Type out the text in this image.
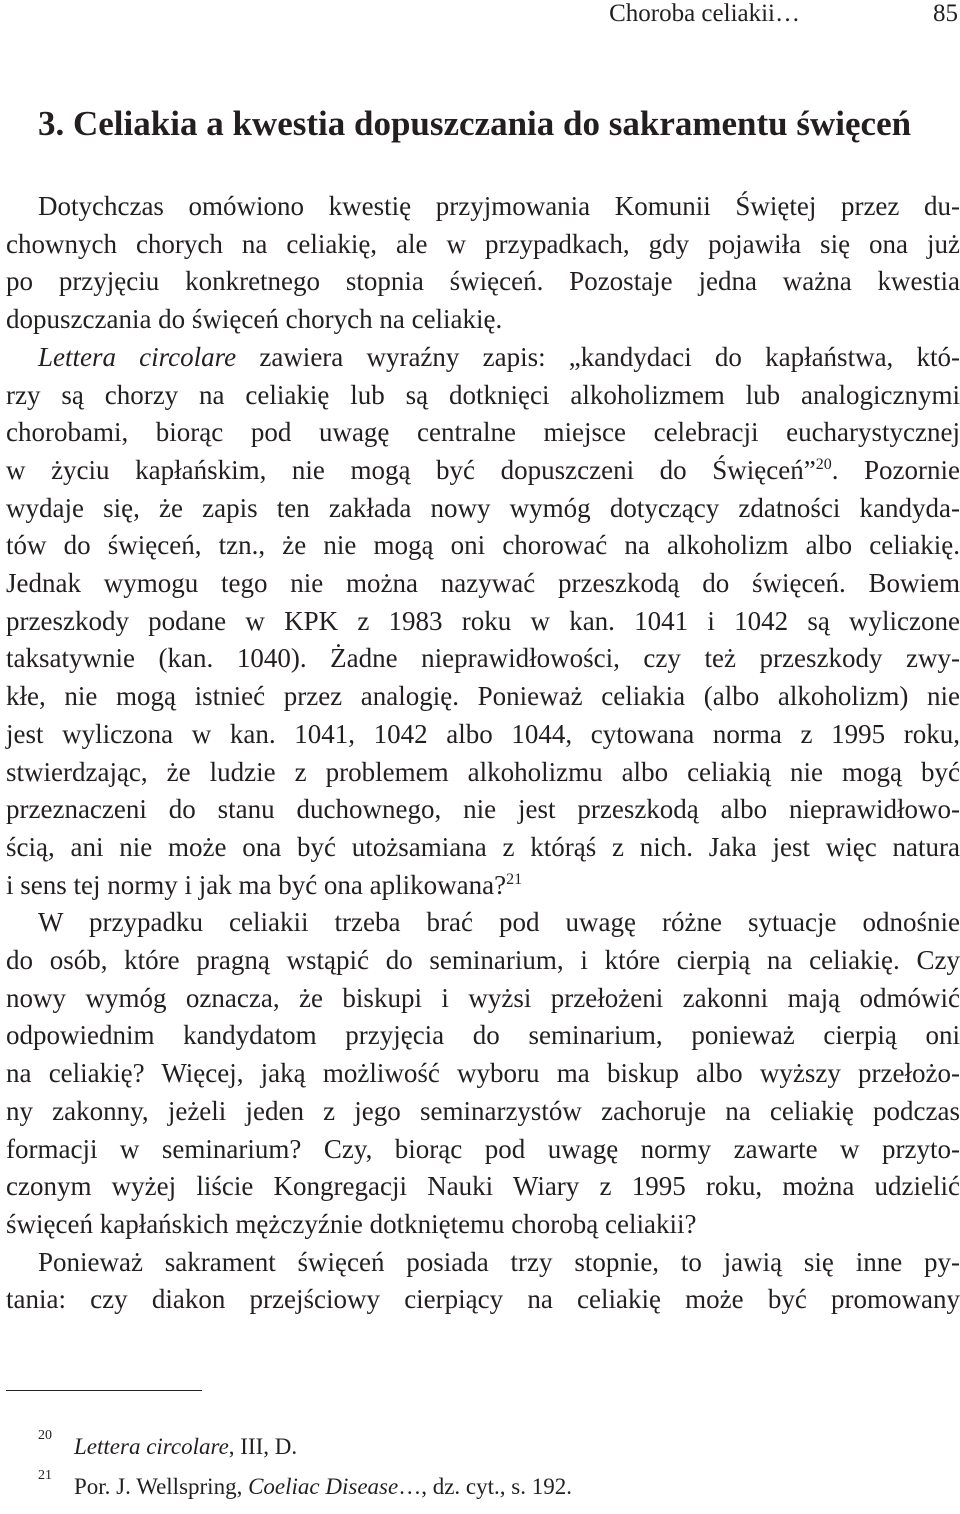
Choroba celiakii…	85
3. Celiakia a kwestia dopuszczania do sakramentu święceń
Dotychczas omówiono kwestię przyjmowania Komunii Świętej przez du-
chownych chorych na celiakię, ale w przypadkach, gdy pojawiła się ona już
po przyjęciu konkretnego stopnia święceń. Pozostaje jedna ważna kwestia
dopuszczania do święceń chorych na celiakię.
Lettera circolare zawiera wyraźny zapis: „kandydaci do kapłaństwa, któ-
rzy są chorzy na celiakię lub są dotknięci alkoholizmem lub analogicznymi
chorobami, biorąc pod uwagę centralne miejsce celebracji eucharystycznej
w życiu kapłańskim, nie mogą być dopuszczeni do Święceń”$^{20}$. Pozornie
wydaje się, że zapis ten zakłada nowy wymóg dotyczący zdatności kandyda-
tów do święceń, tzn., że nie mogą oni chorować na alkoholizm albo celiakię.
Jednak wymogu tego nie można nazywać przeszkodą do święceń. Bowiem
przeszkody podane w KPK z 1983 roku w kan. 1041 i 1042 są wyliczone
taksatywnie (kan. 1040). Żadne nieprawidłowości, czy też przeszkody zwy-
kłe, nie mogą istnieć przez analogię. Ponieważ celiakia (albo alkoholizm) nie
jest wyliczona w kan. 1041, 1042 albo 1044, cytowana norma z 1995 roku,
stwierdzając, że ludzie z problemem alkoholizmu albo celiakią nie mogą być
przeznaczeni do stanu duchownego, nie jest przeszkodą albo nieprawidłowo-
ścią, ani nie może ona być utożsamiana z którąś z nich. Jaka jest więc natura
i sens tej normy i jak ma być ona aplikowana?$^{21}$
W przypadku celiakii trzeba brać pod uwagę różne sytuacje odnośnie
do osób, które pragną wstąpić do seminarium, i które cierpią na celiakię. Czy
nowy wymóg oznacza, że biskupi i wyżsi przełożeni zakonni mają odmówić
odpowiednim kandydatom przyjęcia do seminarium, ponieważ cierpią oni
na celiakię? Więcej, jaką możliwość wyboru ma biskup albo wyższy przełożo-
ny zakonny, jeżeli jeden z jego seminarzystów zachoruje na celiakię podczas
formacji w seminarium? Czy, biorąc pod uwagę normy zawarte w przyto-
czonym wyżej liście Kongregacji Nauki Wiary z 1995 roku, można udzielić
święceń kapłańskich mężczyźnie dotkniętemu chorobą celiakii?
Ponieważ sakrament święceń posiada trzy stopnie, to jawią się inne py-
tania: czy diakon przejściowy cierpiący na celiakię może być promowany
20 Lettera circolare, III, D.
21 Por. J. Wellspring, Coeliac Disease…, dz. cyt., s. 192.
